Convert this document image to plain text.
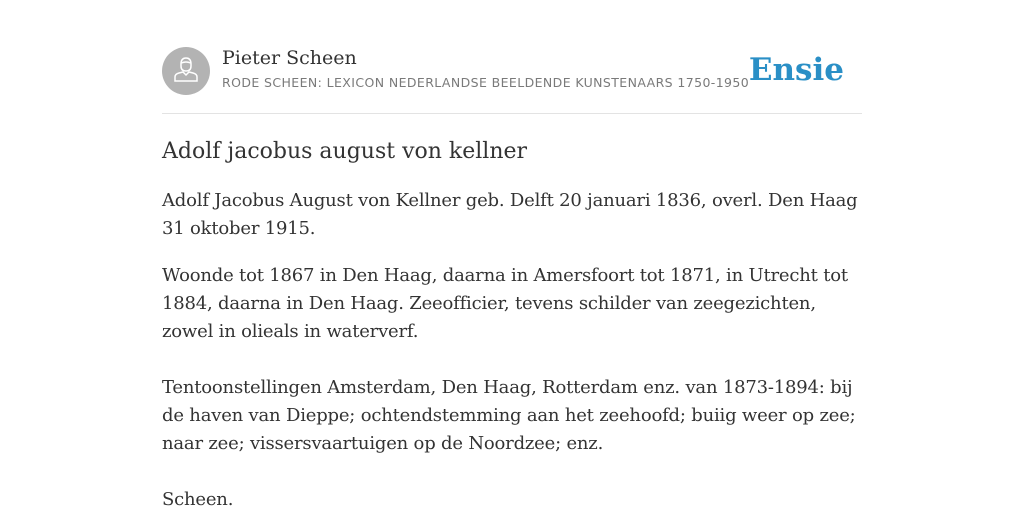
Pieter Scheen
RODE SCHEEN: LEXICON NEDERLANDSE BEELDENDE KUNSTENAARS 1750-1950 Ensie
Adolf jacobus august von kellner

Adolf Jacobus August von Kellner geb. Delft 20 januari 1836, overl. Den Haag 31 oktober 1915.

Woonde tot 1867 in Den Haag, daarna in Amersfoort tot 1871, in Utrecht tot 1884, daarna in Den Haag. Zeeofficier, tevens schilder van zeegezichten, zowel in olieals in waterverf.

Tentoonstellingen Amsterdam, Den Haag, Rotterdam enz. van 1873-1894: bij de haven van Dieppe; ochtendstemming aan het zeehoofd; buiig weer op zee; naar zee; vissersvaartuigen op de Noordzee; enz.

Scheen.
